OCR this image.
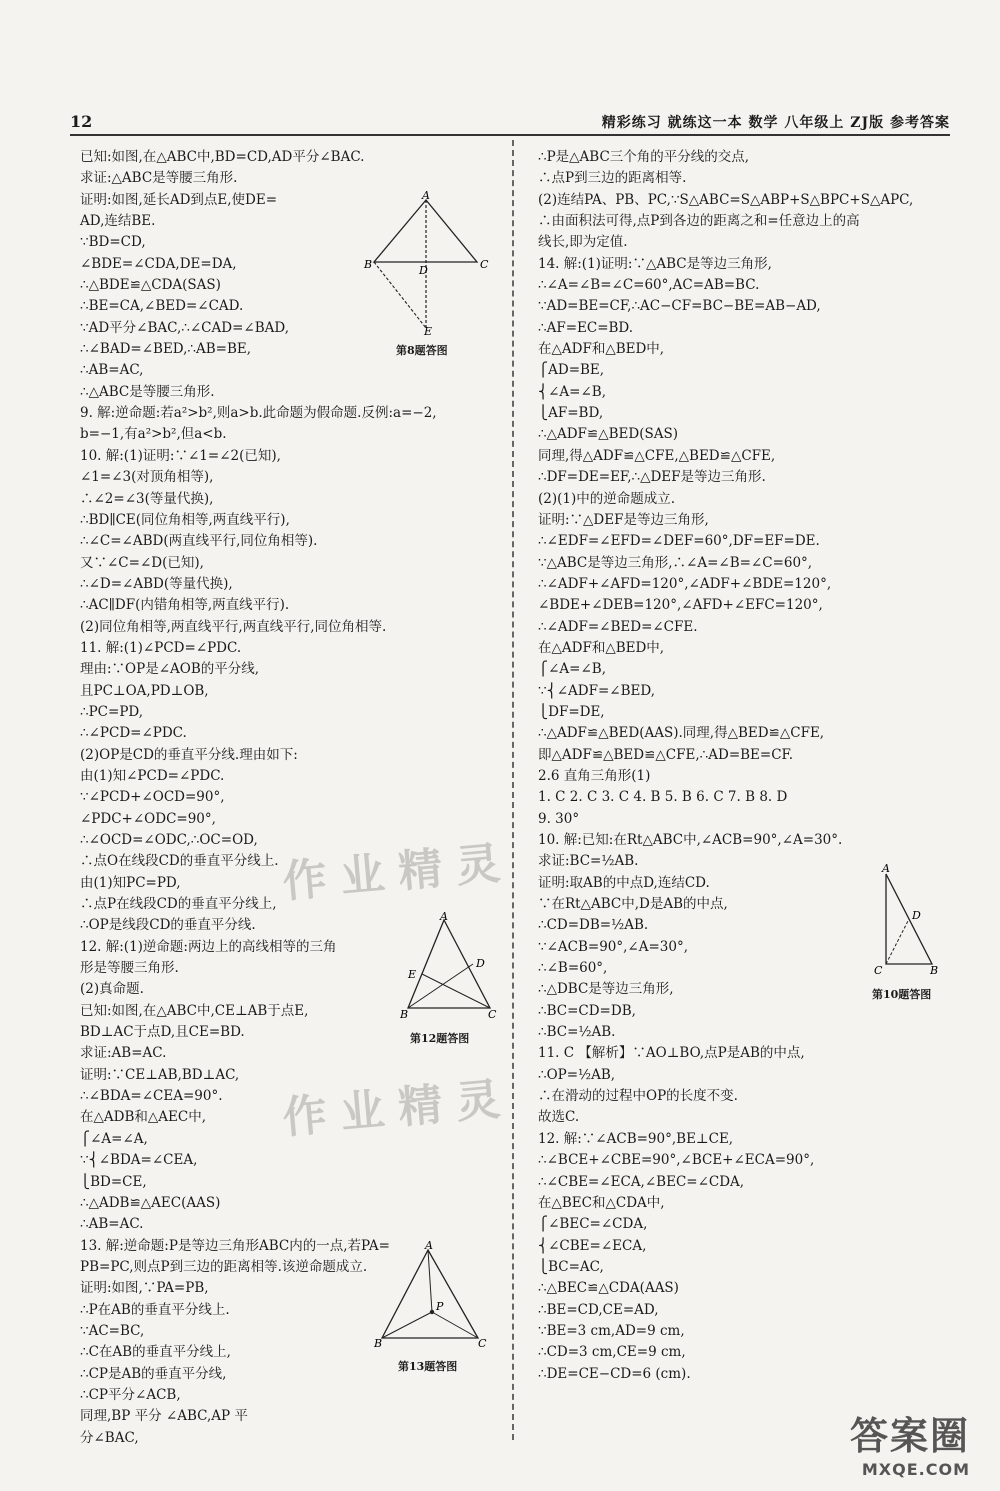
12	精彩练习 就练这一本 数学 八年级上 ZJ版 参考答案
已知:如图,在△ABC中,BD=CD,AD平分∠BAC.
求证:△ABC是等腰三角形.
证明:如图,延长AD到点E,使DE=
AD,连结BE.
∵BD=CD,
∠BDE=∠CDA,DE=DA,
∴△BDE≌△CDA(SAS)
∴BE=CA,∠BED=∠CAD.
∵AD平分∠BAC,∴∠CAD=∠BAD,
∴∠BAD=∠BED,∴AB=BE,
∴AB=AC,
∴△ABC是等腰三角形.
9. 解:逆命题:若a²>b²,则a>b.此命题为假命题.反例:a=−2,
b=−1,有a²>b²,但a<b.
10. 解:(1)证明:∵∠1=∠2(已知),
∠1=∠3(对顶角相等),
∴∠2=∠3(等量代换),
∴BD∥CE(同位角相等,两直线平行),
∴∠C=∠ABD(两直线平行,同位角相等).
又∵∠C=∠D(已知),
∴∠D=∠ABD(等量代换),
∴AC∥DF(内错角相等,两直线平行).
(2)同位角相等,两直线平行,两直线平行,同位角相等.
11. 解:(1)∠PCD=∠PDC.
理由:∵OP是∠AOB的平分线,
且PC⊥OA,PD⊥OB,
∴PC=PD,
∴∠PCD=∠PDC.
(2)OP是CD的垂直平分线.理由如下:
由(1)知∠PCD=∠PDC.
∵∠PCD+∠OCD=90°,
∠PDC+∠ODC=90°,
∴∠OCD=∠ODC,∴OC=OD,
∴点O在线段CD的垂直平分线上.
由(1)知PC=PD,
∴点P在线段CD的垂直平分线上,
∴OP是线段CD的垂直平分线.
12. 解:(1)逆命题:两边上的高线相等的三角
形是等腰三角形.
(2)真命题.
已知:如图,在△ABC中,CE⊥AB于点E,
BD⊥AC于点D,且CE=BD.
求证:AB=AC.
证明:∵CE⊥AB,BD⊥AC,
∴∠BDA=∠CEA=90°.
在△ADB和△AEC中,
⎧∠A=∠A,
∵⎨∠BDA=∠CEA,
⎩BD=CE,
∴△ADB≌△AEC(AAS)
∴AB=AC.
13. 解:逆命题:P是等边三角形ABC内的一点,若PA=
PB=PC,则点P到三边的距离相等.该逆命题成立.
证明:如图,∵PA=PB,
∴P在AB的垂直平分线上.
∵AC=BC,
∴C在AB的垂直平分线上,
∴CP是AB的垂直平分线,
∴CP平分∠ACB,
同理,BP 平分 ∠ABC,AP 平
分∠BAC,
∴P是△ABC三个角的平分线的交点,
∴点P到三边的距离相等.
(2)连结PA、PB、PC,∵S△ABC=S△ABP+S△BPC+S△APC,
∴由面积法可得,点P到各边的距离之和=任意边上的高
线长,即为定值.
14. 解:(1)证明:∵△ABC是等边三角形,
∴∠A=∠B=∠C=60°,AC=AB=BC.
∵AD=BE=CF,∴AC−CF=BC−BE=AB−AD,
∴AF=EC=BD.
在△ADF和△BED中,
⎧AD=BE,
⎨∠A=∠B,
⎩AF=BD,
∴△ADF≌△BED(SAS)
同理,得△ADF≌△CFE,△BED≌△CFE,
∴DF=DE=EF,∴△DEF是等边三角形.
(2)(1)中的逆命题成立.
证明:∵△DEF是等边三角形,
∴∠EDF=∠EFD=∠DEF=60°,DF=EF=DE.
∵△ABC是等边三角形,∴∠A=∠B=∠C=60°,
∴∠ADF+∠AFD=120°,∠ADF+∠BDE=120°,
∠BDE+∠DEB=120°,∠AFD+∠EFC=120°,
∴∠ADF=∠BED=∠CFE.
在△ADF和△BED中,
⎧∠A=∠B,
∵⎨∠ADF=∠BED,
⎩DF=DE,
∴△ADF≌△BED(AAS).同理,得△BED≌△CFE,
即△ADF≌△BED≌△CFE,∴AD=BE=CF.
2.6 直角三角形(1)
1. C 2. C 3. C 4. B 5. B 6. C 7. B 8. D
9. 30°
10. 解:已知:在Rt△ABC中,∠ACB=90°,∠A=30°.
求证:BC=½AB.
证明:取AB的中点D,连结CD.
∵在Rt△ABC中,D是AB的中点,
∴CD=DB=½AB.
∵∠ACB=90°,∠A=30°,
∴∠B=60°,
∴△DBC是等边三角形,
∴BC=CD=DB,
∴BC=½AB.
11. C 【解析】∵AO⊥BO,点P是AB的中点,
∴OP=½AB,
∴在滑动的过程中OP的长度不变.
故选C.
12. 解:∵∠ACB=90°,BE⊥CE,
∴∠BCE+∠CBE=90°,∠BCE+∠ECA=90°,
∴∠CBE=∠ECA,∠BEC=∠CDA,
在△BEC和△CDA中,
⎧∠BEC=∠CDA,
⎨∠CBE=∠ECA,
⎩BC=AC,
∴△BEC≌△CDA(AAS)
∴BE=CD,CE=AD,
∵BE=3 cm,AD=9 cm,
∴CD=3 cm,CE=9 cm,
∴DE=CE−CD=6 (cm).
A
B	C
D
E
第8题答图
A
E
D
B	C
第12题答图
A
P
B	C
第13题答图
A
D
C	B
第10题答图
作业精灵
作业精灵
答案圈
MXQE.COM
